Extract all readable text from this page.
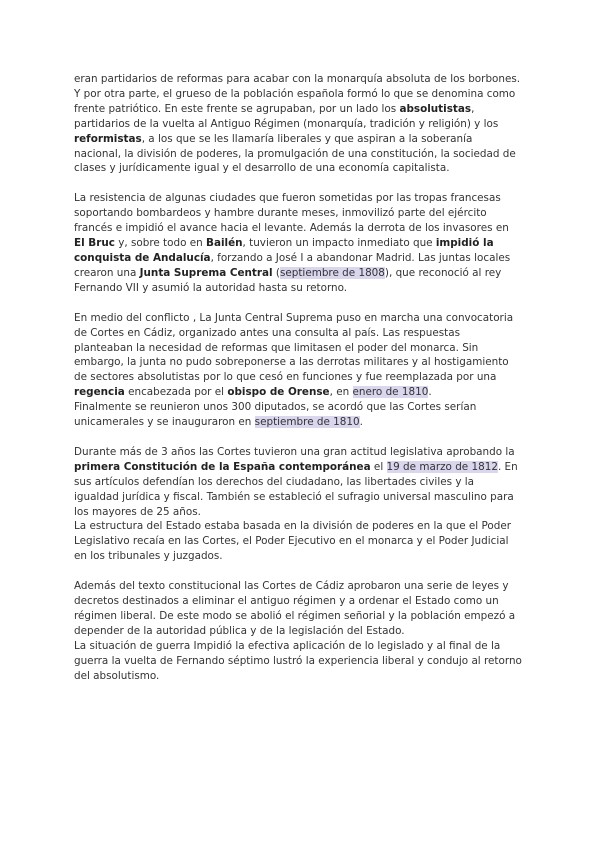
eran partidarios de reformas para acabar con la monarquía absoluta de los borbones.

Y por otra parte, el grueso de la población española formó lo que se denomina como frente patriótico. En este frente se agrupaban, por un lado los absolutistas, partidarios de la vuelta al Antiguo Régimen (monarquía, tradición y religión) y los reformistas, a los que se les llamaría liberales y que aspiran a la soberanía nacional, la división de poderes, la promulgación de una constitución, la sociedad de clases y jurídicamente igual y el desarrollo de una economía capitalista.

La resistencia de algunas ciudades que fueron sometidas por las tropas francesas soportando bombardeos y hambre durante meses, inmovilizó parte del ejército francés e impidió el avance hacia el levante. Además la derrota de los invasores en El Bruc y, sobre todo en Bailén, tuvieron un impacto inmediato que impidió la conquista de Andalucía, forzando a José I a abandonar Madrid. Las juntas locales crearon una Junta Suprema Central (septiembre de 1808), que reconoció al rey Fernando VII y asumió la autoridad hasta su retorno.

En medio del conflicto , La Junta Central Suprema puso en marcha una convocatoria de Cortes en Cádiz, organizado antes una consulta al país. Las respuestas planteaban la necesidad de reformas que limitasen el poder del monarca. Sin embargo, la junta no pudo sobreponerse a las derrotas militares y al hostigamiento de sectores absolutistas por lo que cesó en funciones y fue reemplazada por una regencia encabezada por el obispo de Orense, en enero de 1810.

Finalmente se reunieron unos 300 diputados, se acordó que las Cortes serían unicamerales y se inauguraron en septiembre de 1810.

Durante más de 3 años las Cortes tuvieron una gran actitud legislativa aprobando la primera Constitución de la España contemporánea el 19 de marzo de 1812. En sus artículos defendían los derechos del ciudadano, las libertades civiles y la igualdad jurídica y fiscal. También se estableció el sufragio universal masculino para los mayores de 25 años.

La estructura del Estado estaba basada en la división de poderes en la que el Poder Legislativo recaía en las Cortes, el Poder Ejecutivo en el monarca y el Poder Judicial en los tribunales y juzgados.

Además del texto constitucional las Cortes de Cádiz aprobaron una serie de leyes y decretos destinados a eliminar el antiguo régimen y a ordenar el Estado como un régimen liberal. De este modo se abolió el régimen señorial y la población empezó a depender de la autoridad pública y de la legislación del Estado.

La situación de guerra Impidió la efectiva aplicación de lo legislado y al final de la guerra la vuelta de Fernando séptimo lustró la experiencia liberal y condujo al retorno del absolutismo.
